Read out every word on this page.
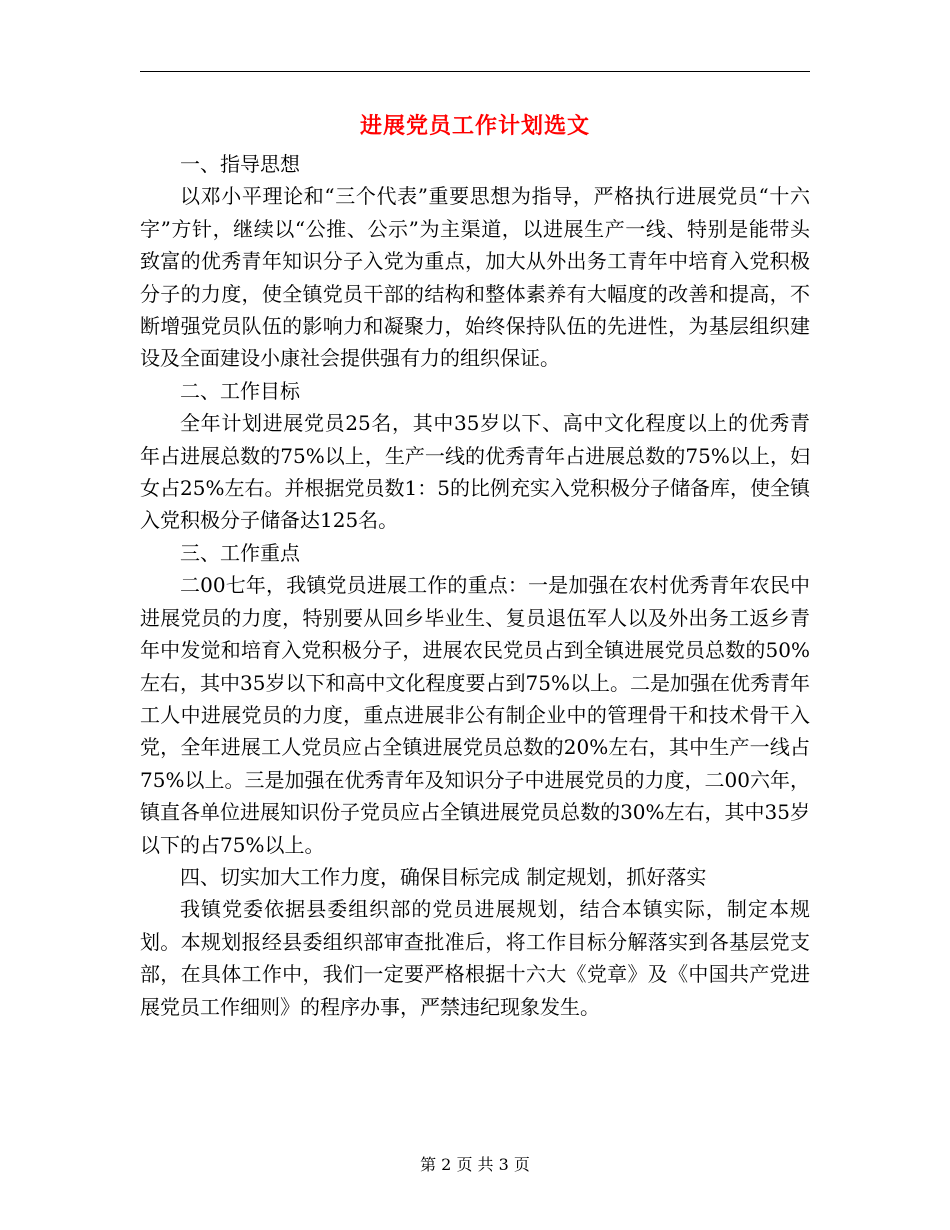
进展党员工作计划选文

一、指导思想

以邓小平理论和“三个代表”重要思想为指导，严格执行进展党员“十六字”方针，继续以“公推、公示”为主渠道，以进展生产一线、特别是能带头致富的优秀青年知识分子入党为重点，加大从外出务工青年中培育入党积极分子的力度，使全镇党员干部的结构和整体素养有大幅度的改善和提高，不断增强党员队伍的影响力和凝聚力，始终保持队伍的先进性，为基层组织建设及全面建设小康社会提供强有力的组织保证。

二、工作目标

全年计划进展党员25名，其中35岁以下、高中文化程度以上的优秀青年占进展总数的75%以上，生产一线的优秀青年占进展总数的75%以上，妇女占25%左右。并根据党员数1：5的比例充实入党积极分子储备库，使全镇入党积极分子储备达125名。

三、工作重点

二00七年，我镇党员进展工作的重点：一是加强在农村优秀青年农民中进展党员的力度，特别要从回乡毕业生、复员退伍军人以及外出务工返乡青年中发觉和培育入党积极分子，进展农民党员占到全镇进展党员总数的50%左右，其中35岁以下和高中文化程度要占到75%以上。二是加强在优秀青年工人中进展党员的力度，重点进展非公有制企业中的管理骨干和技术骨干入党，全年进展工人党员应占全镇进展党员总数的20%左右，其中生产一线占75%以上。三是加强在优秀青年及知识分子中进展党员的力度，二00六年，镇直各单位进展知识份子党员应占全镇进展党员总数的30%左右，其中35岁以下的占75%以上。

四、切实加大工作力度，确保目标完成 制定规划，抓好落实

我镇党委依据县委组织部的党员进展规划，结合本镇实际，制定本规划。本规划报经县委组织部审查批准后，将工作目标分解落实到各基层党支部，在具体工作中，我们一定要严格根据十六大《党章》及《中国共产党进展党员工作细则》的程序办事，严禁违纪现象发生。

第 2 页 共 3 页
